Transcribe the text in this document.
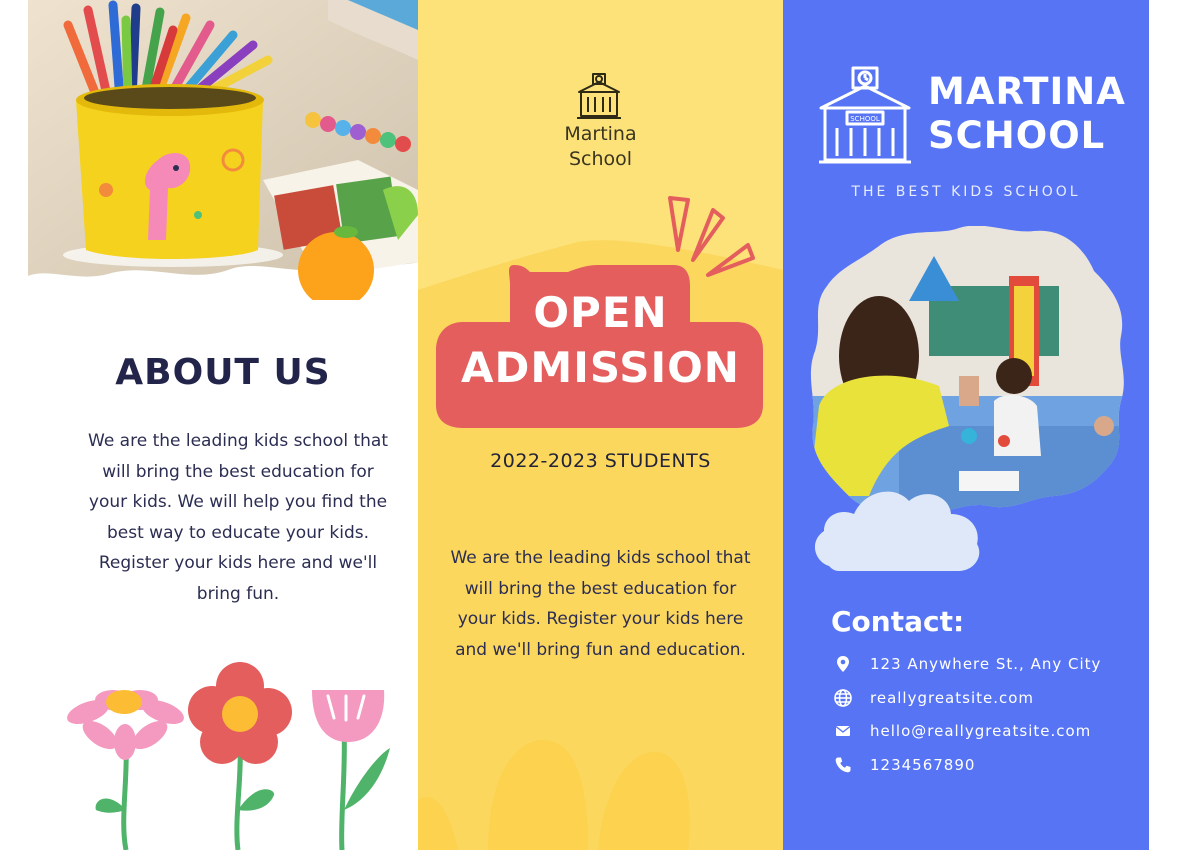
ABOUT US

We are the leading kids school that will bring the best education for your kids. We will help you find the best way to educate your kids. Register your kids here and we'll bring fun.

Martina
School
OPEN
ADMISSION
2022-2023 STUDENTS

We are the leading kids school that will bring the best education for your kids. Register your kids here and we'll bring fun and education.

SCHOOL
MARTINA
SCHOOL
THE BEST KIDS SCHOOL
Contact:
123 Anywhere St., Any City
reallygreatsite.com
hello@reallygreatsite.com
1234567890
